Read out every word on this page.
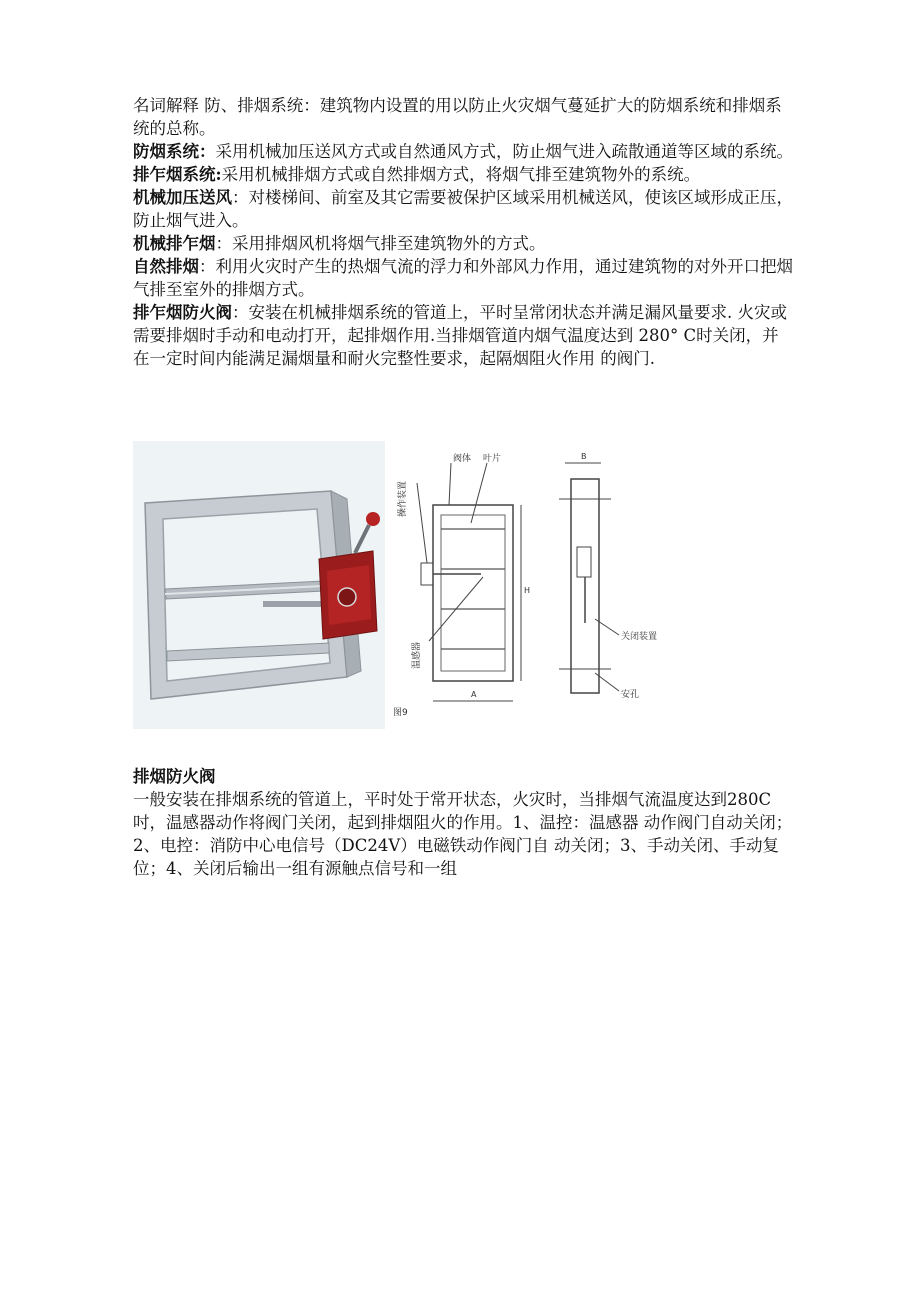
名词解释 防、排烟系统：建筑物内设置的用以防止火灾烟气蔓延扩大的防烟系统和排烟系统的总称。

防烟系统：采用机械加压送风方式或自然通风方式，防止烟气进入疏散通道等区域的系统。

排乍烟系统:采用机械排烟方式或自然排烟方式，将烟气排至建筑物外的系统。

机械加压送风：对楼梯间、前室及其它需要被保护区域采用机械送风，使该区域形成正压，防止烟气进入。

机械排乍烟：采用排烟风机将烟气排至建筑物外的方式。

自然排烟：利用火灾时产生的热烟气流的浮力和外部风力作用，通过建筑物的对外开口把烟气排至室外的排烟方式。

排乍烟防火阀：安装在机械排烟系统的管道上，平时呈常闭状态并满足漏风量要求. 火灾或需要排烟时手动和电动打开，起排烟作用.当排烟管道内烟气温度达到 280° C时关闭，并在一定时间内能满足漏烟量和耐火完整性要求，起隔烟阻火作用 的阀门.

阀体 叶片
操作装置
温感器
关闭装置
安孔
图9
A
H
B

排烟防火阀

一般安装在排烟系统的管道上，平时处于常开状态，火灾时，当排烟气流温度达到280C吋，温感器动作将阀门关闭，起到排烟阻火的作用。1、温控：温感器 动作阀门自动关闭；2、电控：消防中心电信号（DC24V）电磁铁动作阀门自 动关闭；3、手动关闭、手动复位；4、关闭后输出一组有源触点信号和一组
